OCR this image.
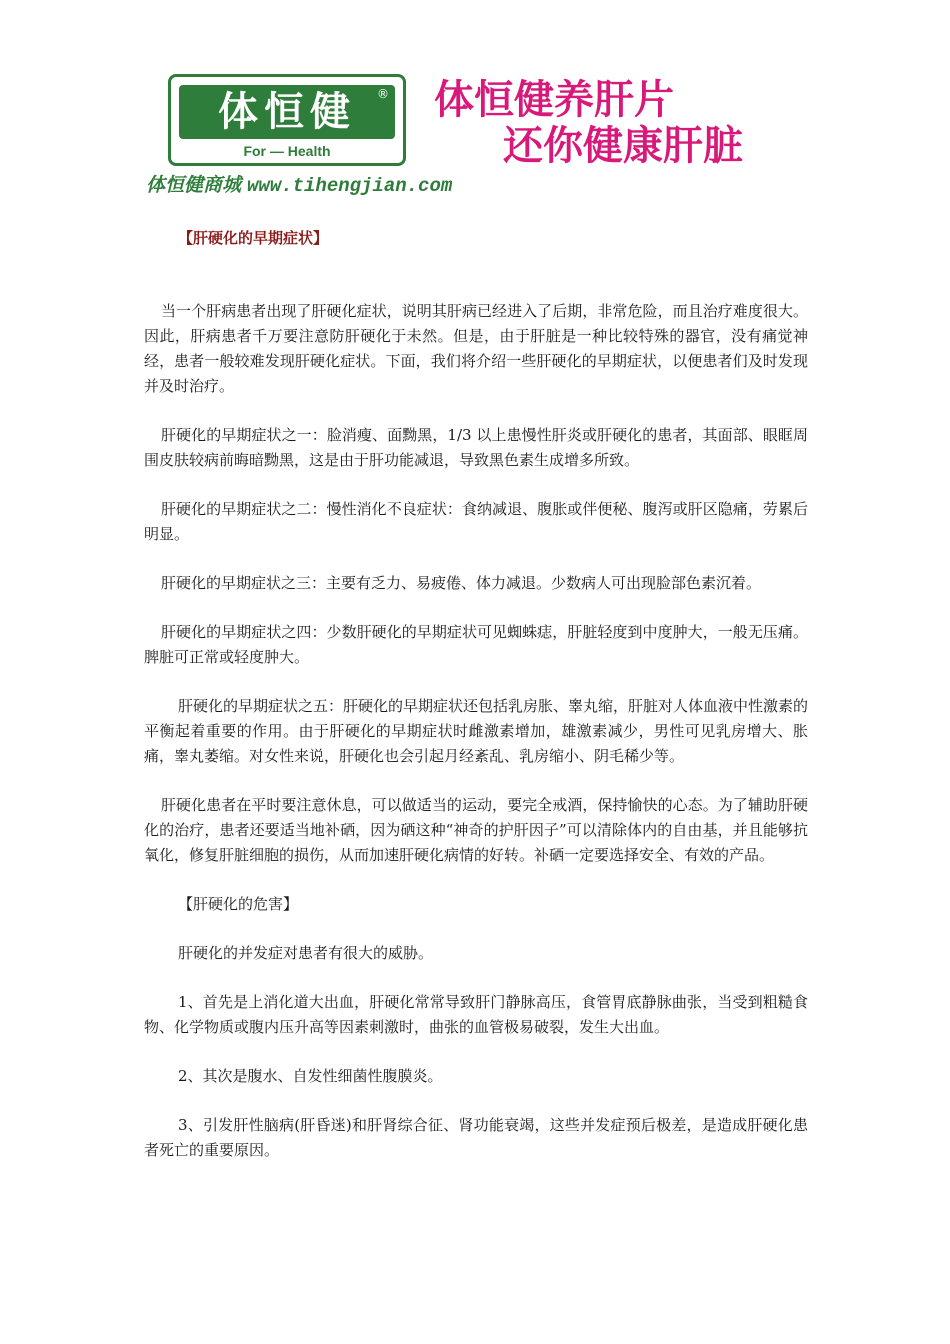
体恒健	®
For — Health
体恒健养肝片
还你健康肝脏
体恒健商城 www.tihengjian.com
【肝硬化的早期症状】

当一个肝病患者出现了肝硬化症状，说明其肝病已经进入了后期，非常危险，而且治疗难度很大。因此，肝病患者千万要注意防肝硬化于未然。但是，由于肝脏是一种比较特殊的器官，没有痛觉神经，患者一般较难发现肝硬化症状。下面，我们将介绍一些肝硬化的早期症状，以便患者们及时发现并及时治疗。

肝硬化的早期症状之一：脸消瘦、面黝黑，1/3 以上患慢性肝炎或肝硬化的患者，其面部、眼眶周围皮肤较病前晦暗黝黑，这是由于肝功能减退，导致黑色素生成增多所致。

肝硬化的早期症状之二：慢性消化不良症状：食纳减退、腹胀或伴便秘、腹泻或肝区隐痛，劳累后明显。

肝硬化的早期症状之三：主要有乏力、易疲倦、体力减退。少数病人可出现脸部色素沉着。

肝硬化的早期症状之四：少数肝硬化的早期症状可见蜘蛛痣，肝脏轻度到中度肿大，一般无压痛。脾脏可正常或轻度肿大。

肝硬化的早期症状之五：肝硬化的早期症状还包括乳房胀、睾丸缩，肝脏对人体血液中性激素的平衡起着重要的作用。由于肝硬化的早期症状时雌激素增加，雄激素减少，男性可见乳房增大、胀痛，睾丸萎缩。对女性来说，肝硬化也会引起月经紊乱、乳房缩小、阴毛稀少等。

肝硬化患者在平时要注意休息，可以做适当的运动，要完全戒酒，保持愉快的心态。为了辅助肝硬化的治疗，患者还要适当地补硒，因为硒这种“神奇的护肝因子”可以清除体内的自由基，并且能够抗氧化，修复肝脏细胞的损伤，从而加速肝硬化病情的好转。补硒一定要选择安全、有效的产品。

【肝硬化的危害】

肝硬化的并发症对患者有很大的威胁。

1、首先是上消化道大出血，肝硬化常常导致肝门静脉高压，食管胃底静脉曲张，当受到粗糙食物、化学物质或腹内压升高等因素刺激时，曲张的血管极易破裂，发生大出血。

2、其次是腹水、自发性细菌性腹膜炎。

3、引发肝性脑病(肝昏迷)和肝肾综合征、肾功能衰竭，这些并发症预后极差，是造成肝硬化患者死亡的重要原因。
